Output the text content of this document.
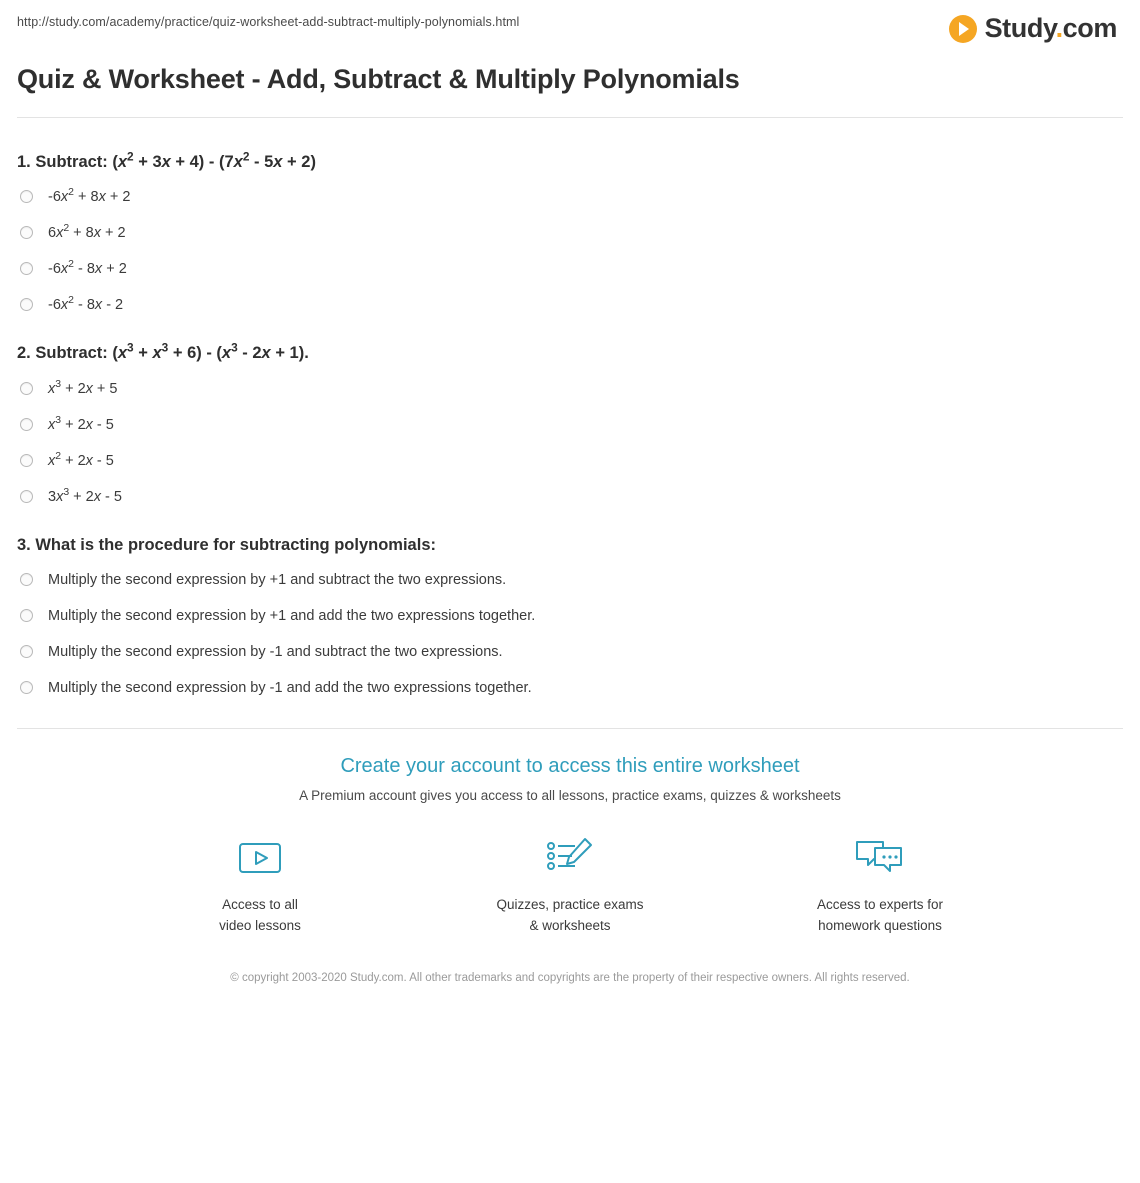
http://study.com/academy/practice/quiz-worksheet-add-subtract-multiply-polynomials.html	Study.com
Quiz & Worksheet - Add, Subtract & Multiply Polynomials
1. Subtract: $(x^2 + 3x + 4) - (7x^2 - 5x + 2)$
$-6x^2 + 8x + 2$
$6x^2 + 8x + 2$
$-6x^2 - 8x + 2$
$-6x^2 - 8x - 2$
2. Subtract: $(x^3 + x^3 + 6) - (x^3 - 2x + 1)$.
$x^3 + 2x + 5$
$x^3 + 2x - 5$
$x^2 + 2x - 5$
$3x^3 + 2x - 5$
3. What is the procedure for subtracting polynomials:
Multiply the second expression by +1 and subtract the two expressions.
Multiply the second expression by +1 and add the two expressions together.
Multiply the second expression by -1 and subtract the two expressions.
Multiply the second expression by -1 and add the two expressions together.
Create your account to access this entire worksheet
A Premium account gives you access to all lessons, practice exams, quizzes & worksheets
Access to all
video lessons
Quizzes, practice exams
& worksheets
Access to experts for
homework questions
© copyright 2003-2020 Study.com. All other trademarks and copyrights are the property of their respective owners. All rights reserved.
